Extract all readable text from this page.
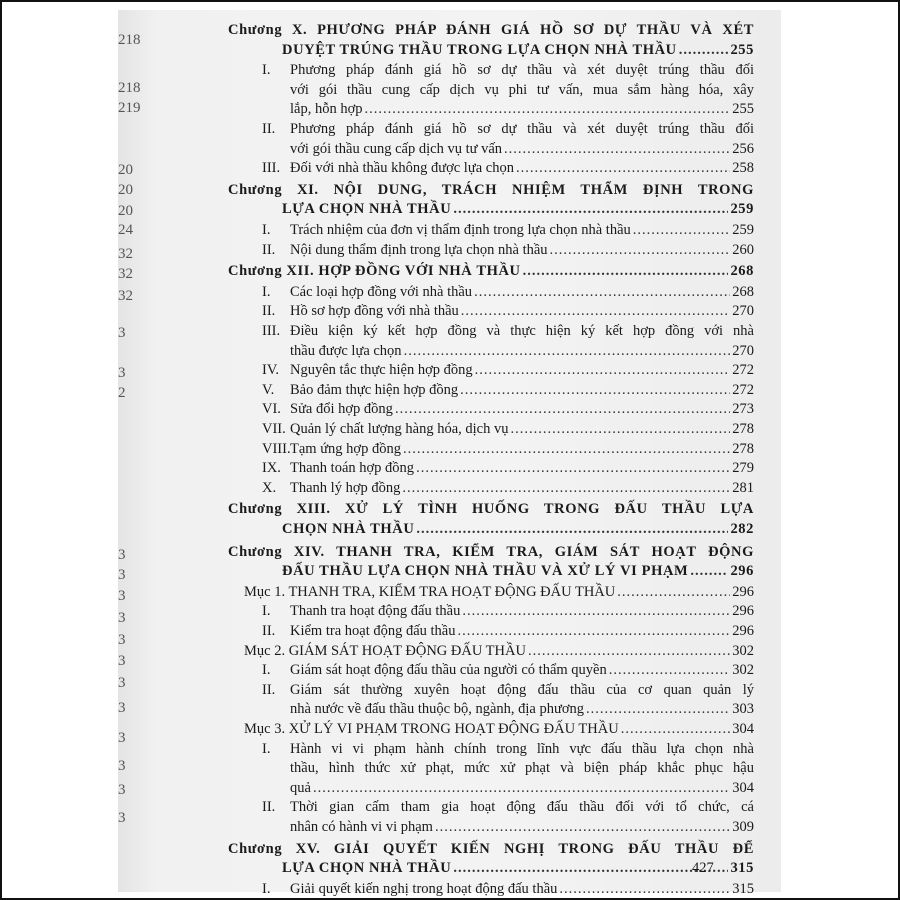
218
218
219
20
20
20
24
32
32
32
3
3
2
3
3
3
3
3
3
3
3
3
3
3
3
Chương X. PHƯƠNG PHÁP ĐÁNH GIÁ HỒ SƠ DỰ THẦU VÀ XÉT
DUYỆT TRÚNG THẦU TRONG LỰA CHỌN NHÀ THẦU .....	255
I. Phương pháp đánh giá hồ sơ dự thầu và xét duyệt trúng thầu đối
với gói thầu cung cấp dịch vụ phi tư vấn, mua sắm hàng hóa, xây
lắp, hỗn hợp .....	255
II. Phương pháp đánh giá hồ sơ dự thầu và xét duyệt trúng thầu đối
với gói thầu cung cấp dịch vụ tư vấn .....	256
III. Đối với nhà thầu không được lựa chọn .....	258
Chương XI. NỘI DUNG, TRÁCH NHIỆM THẨM ĐỊNH TRONG
LỰA CHỌN NHÀ THẦU .....	259
I. Trách nhiệm của đơn vị thẩm định trong lựa chọn nhà thầu .....	259
II. Nội dung thẩm định trong lựa chọn nhà thầu .....	260
Chương XII. HỢP ĐỒNG VỚI NHÀ THẦU .....	268
I. Các loại hợp đồng với nhà thầu .....	268
II. Hồ sơ hợp đồng với nhà thầu .....	270
III. Điều kiện ký kết hợp đồng và thực hiện ký kết hợp đồng với nhà
thầu được lựa chọn .....	270
IV. Nguyên tắc thực hiện hợp đồng .....	272
V. Bảo đảm thực hiện hợp đồng .....	272
VI. Sửa đổi hợp đồng .....	273
VII. Quản lý chất lượng hàng hóa, dịch vụ .....	278
VIII. Tạm ứng hợp đồng .....	278
IX. Thanh toán hợp đồng .....	279
X. Thanh lý hợp đồng .....	281
Chương XIII. XỬ LÝ TÌNH HUỐNG TRONG ĐẤU THẦU LỰA
CHỌN NHÀ THẦU .....	282
Chương XIV. THANH TRA, KIỂM TRA, GIÁM SÁT HOẠT ĐỘNG
ĐẤU THẦU LỰA CHỌN NHÀ THẦU VÀ XỬ LÝ VI PHẠM .....	296
Mục 1. THANH TRA, KIỂM TRA HOẠT ĐỘNG ĐẤU THẦU .....	296
I. Thanh tra hoạt động đấu thầu .....	296
II. Kiểm tra hoạt động đấu thầu .....	296
Mục 2. GIÁM SÁT HOẠT ĐỘNG ĐẤU THẦU .....	302
I. Giám sát hoạt động đấu thầu của người có thẩm quyền .....	302
II. Giám sát thường xuyên hoạt động đấu thầu của cơ quan quản lý
nhà nước về đấu thầu thuộc bộ, ngành, địa phương .....	303
Mục 3. XỬ LÝ VI PHẠM TRONG HOẠT ĐỘNG ĐẤU THẦU .....	304
I. Hành vi vi phạm hành chính trong lĩnh vực đấu thầu lựa chọn nhà
thầu, hình thức xử phạt, mức xử phạt và biện pháp khắc phục hậu
quả .....	304
II. Thời gian cấm tham gia hoạt động đấu thầu đối với tổ chức, cá
nhân có hành vi vi phạm .....	309
Chương XV. GIẢI QUYẾT KIẾN NGHỊ TRONG ĐẤU THẦU ĐỂ
LỰA CHỌN NHÀ THẦU .....	315
I. Giải quyết kiến nghị trong hoạt động đấu thầu .....	315
427
